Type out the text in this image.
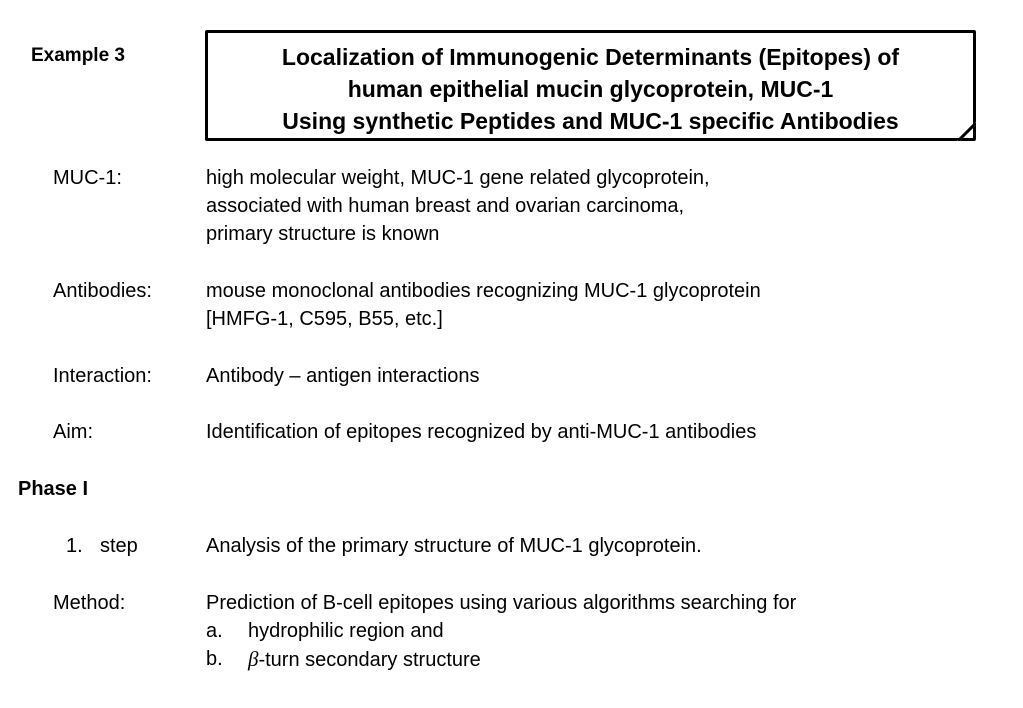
Example 3	Localization of Immunogenic Determinants (Epitopes) of
human epithelial mucin glycoprotein, MUC-1
Using synthetic Peptides and MUC-1 specific Antibodies
MUC-1:	high molecular weight, MUC-1 gene related glycoprotein,
associated with human breast and ovarian carcinoma,
primary structure is known
Antibodies:	mouse monoclonal antibodies recognizing MUC-1 glycoprotein
[HMFG-1, C595, B55, etc.]
Interaction:	Antibody – antigen interactions
Aim:	Identification of epitopes recognized by anti-MUC-1 antibodies
Phase I
1. step	Analysis of the primary structure of MUC-1 glycoprotein.
Method:	Prediction of B-cell epitopes using various algorithms searching for
a. hydrophilic region and
b. β-turn secondary structure
